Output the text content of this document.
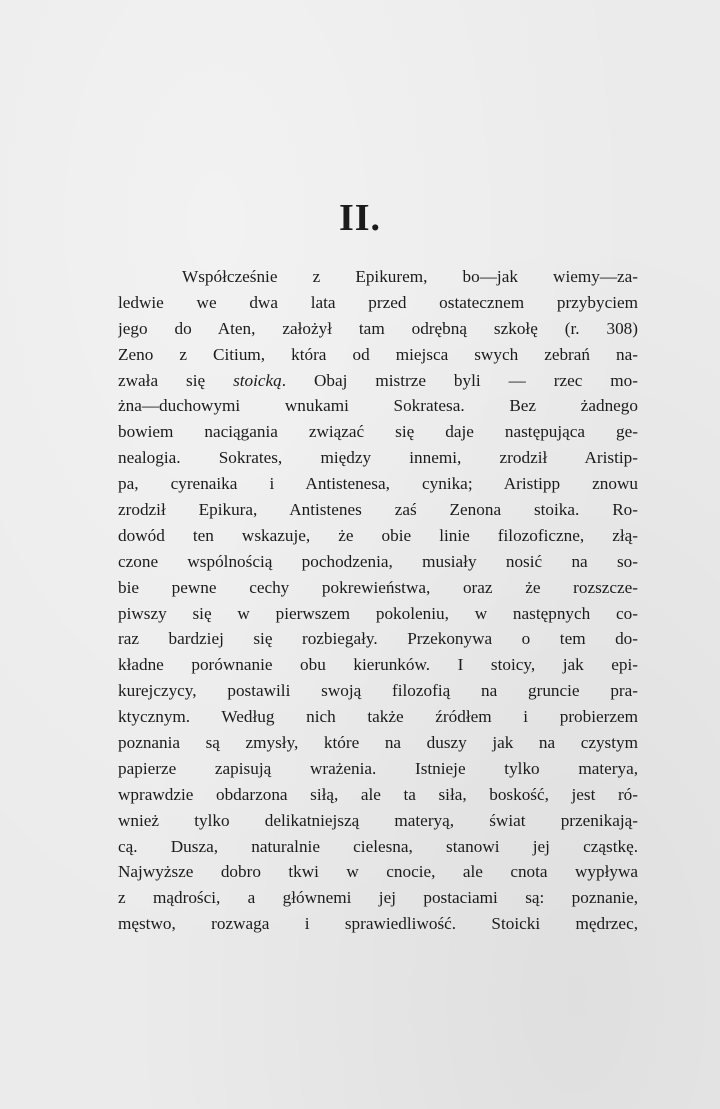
II.
Współcześnie z Epikurem, bo—jak wiemy—za-
ledwie we dwa lata przed ostatecznem przybyciem
jego do Aten, założył tam odrębną szkołę (r. 308)
Zeno z Citium, która od miejsca swych zebrań na-
zwała się stoicką. Obaj mistrze byli — rzec mo-
żna—duchowymi wnukami Sokratesa. Bez żadnego
bowiem naciągania związać się daje następująca ge-
nealogia. Sokrates, między innemi, zrodził Aristip-
pa, cyrenaika i Antistenesa, cynika; Aristipp znowu
zrodził Epikura, Antistenes zaś Zenona stoika. Ro-
dowód ten wskazuje, że obie linie filozoficzne, złą-
czone wspólnością pochodzenia, musiały nosić na so-
bie pewne cechy pokrewieństwa, oraz że rozszcze-
piwszy się w pierwszem pokoleniu, w następnych co-
raz bardziej się rozbiegały. Przekonywa o tem do-
kładne porównanie obu kierunków. I stoicy, jak epi-
kurejczycy, postawili swoją filozofią na gruncie pra-
ktycznym. Według nich także źródłem i probierzem
poznania są zmysły, które na duszy jak na czystym
papierze zapisują wrażenia. Istnieje tylko materya,
wprawdzie obdarzona siłą, ale ta siła, boskość, jest ró-
wnież tylko delikatniejszą materyą, świat przenikają-
cą. Dusza, naturalnie cielesna, stanowi jej cząstkę.
Najwyższe dobro tkwi w cnocie, ale cnota wypływa
z mądrości, a głównemi jej postaciami są: poznanie,
męstwo, rozwaga i sprawiedliwość. Stoicki mędrzec,
